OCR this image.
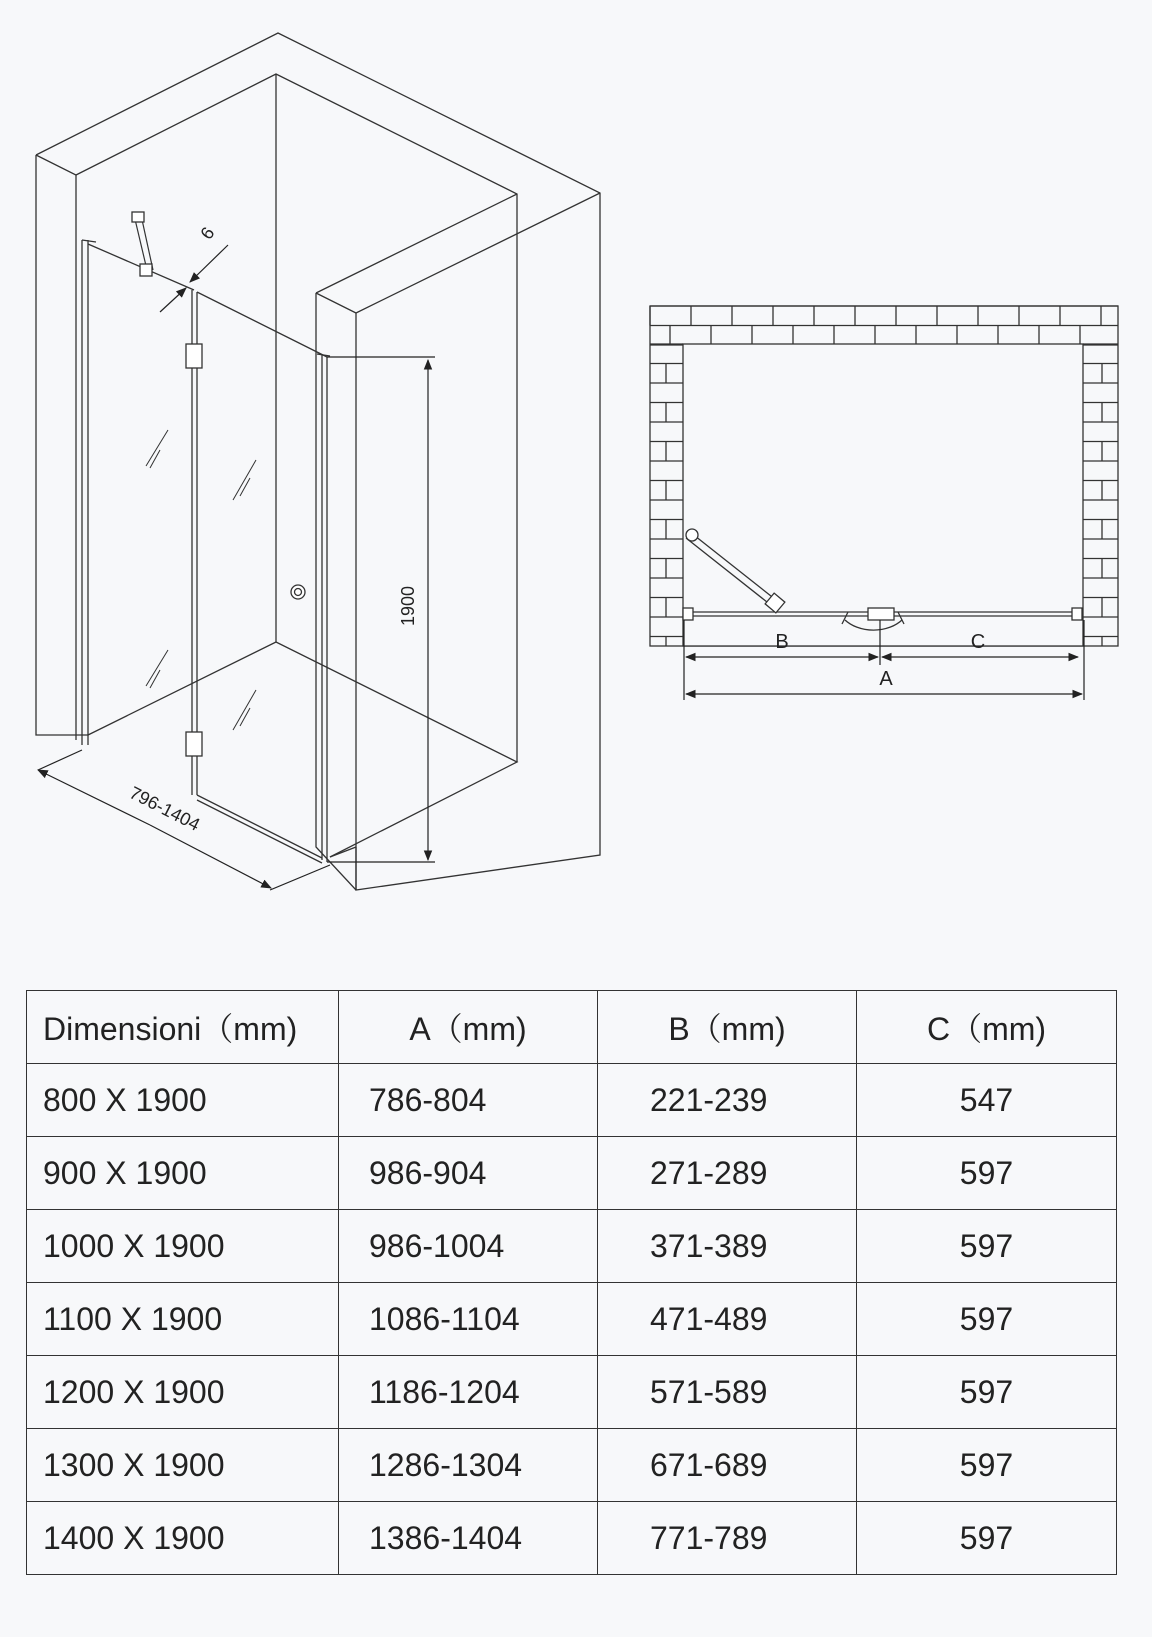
6
1900
796-1404
B	C
A
Dimensioni（mm)	A（mm)	B（mm)	C（mm)
800 X 1900	786-804	221-239	547
900 X 1900	986-904	271-289	597
1000 X 1900	986-1004	371-389	597
1100 X 1900	1086-1104	471-489	597
1200 X 1900	1186-1204	571-589	597
1300 X 1900	1286-1304	671-689	597
1400 X 1900	1386-1404	771-789	597
